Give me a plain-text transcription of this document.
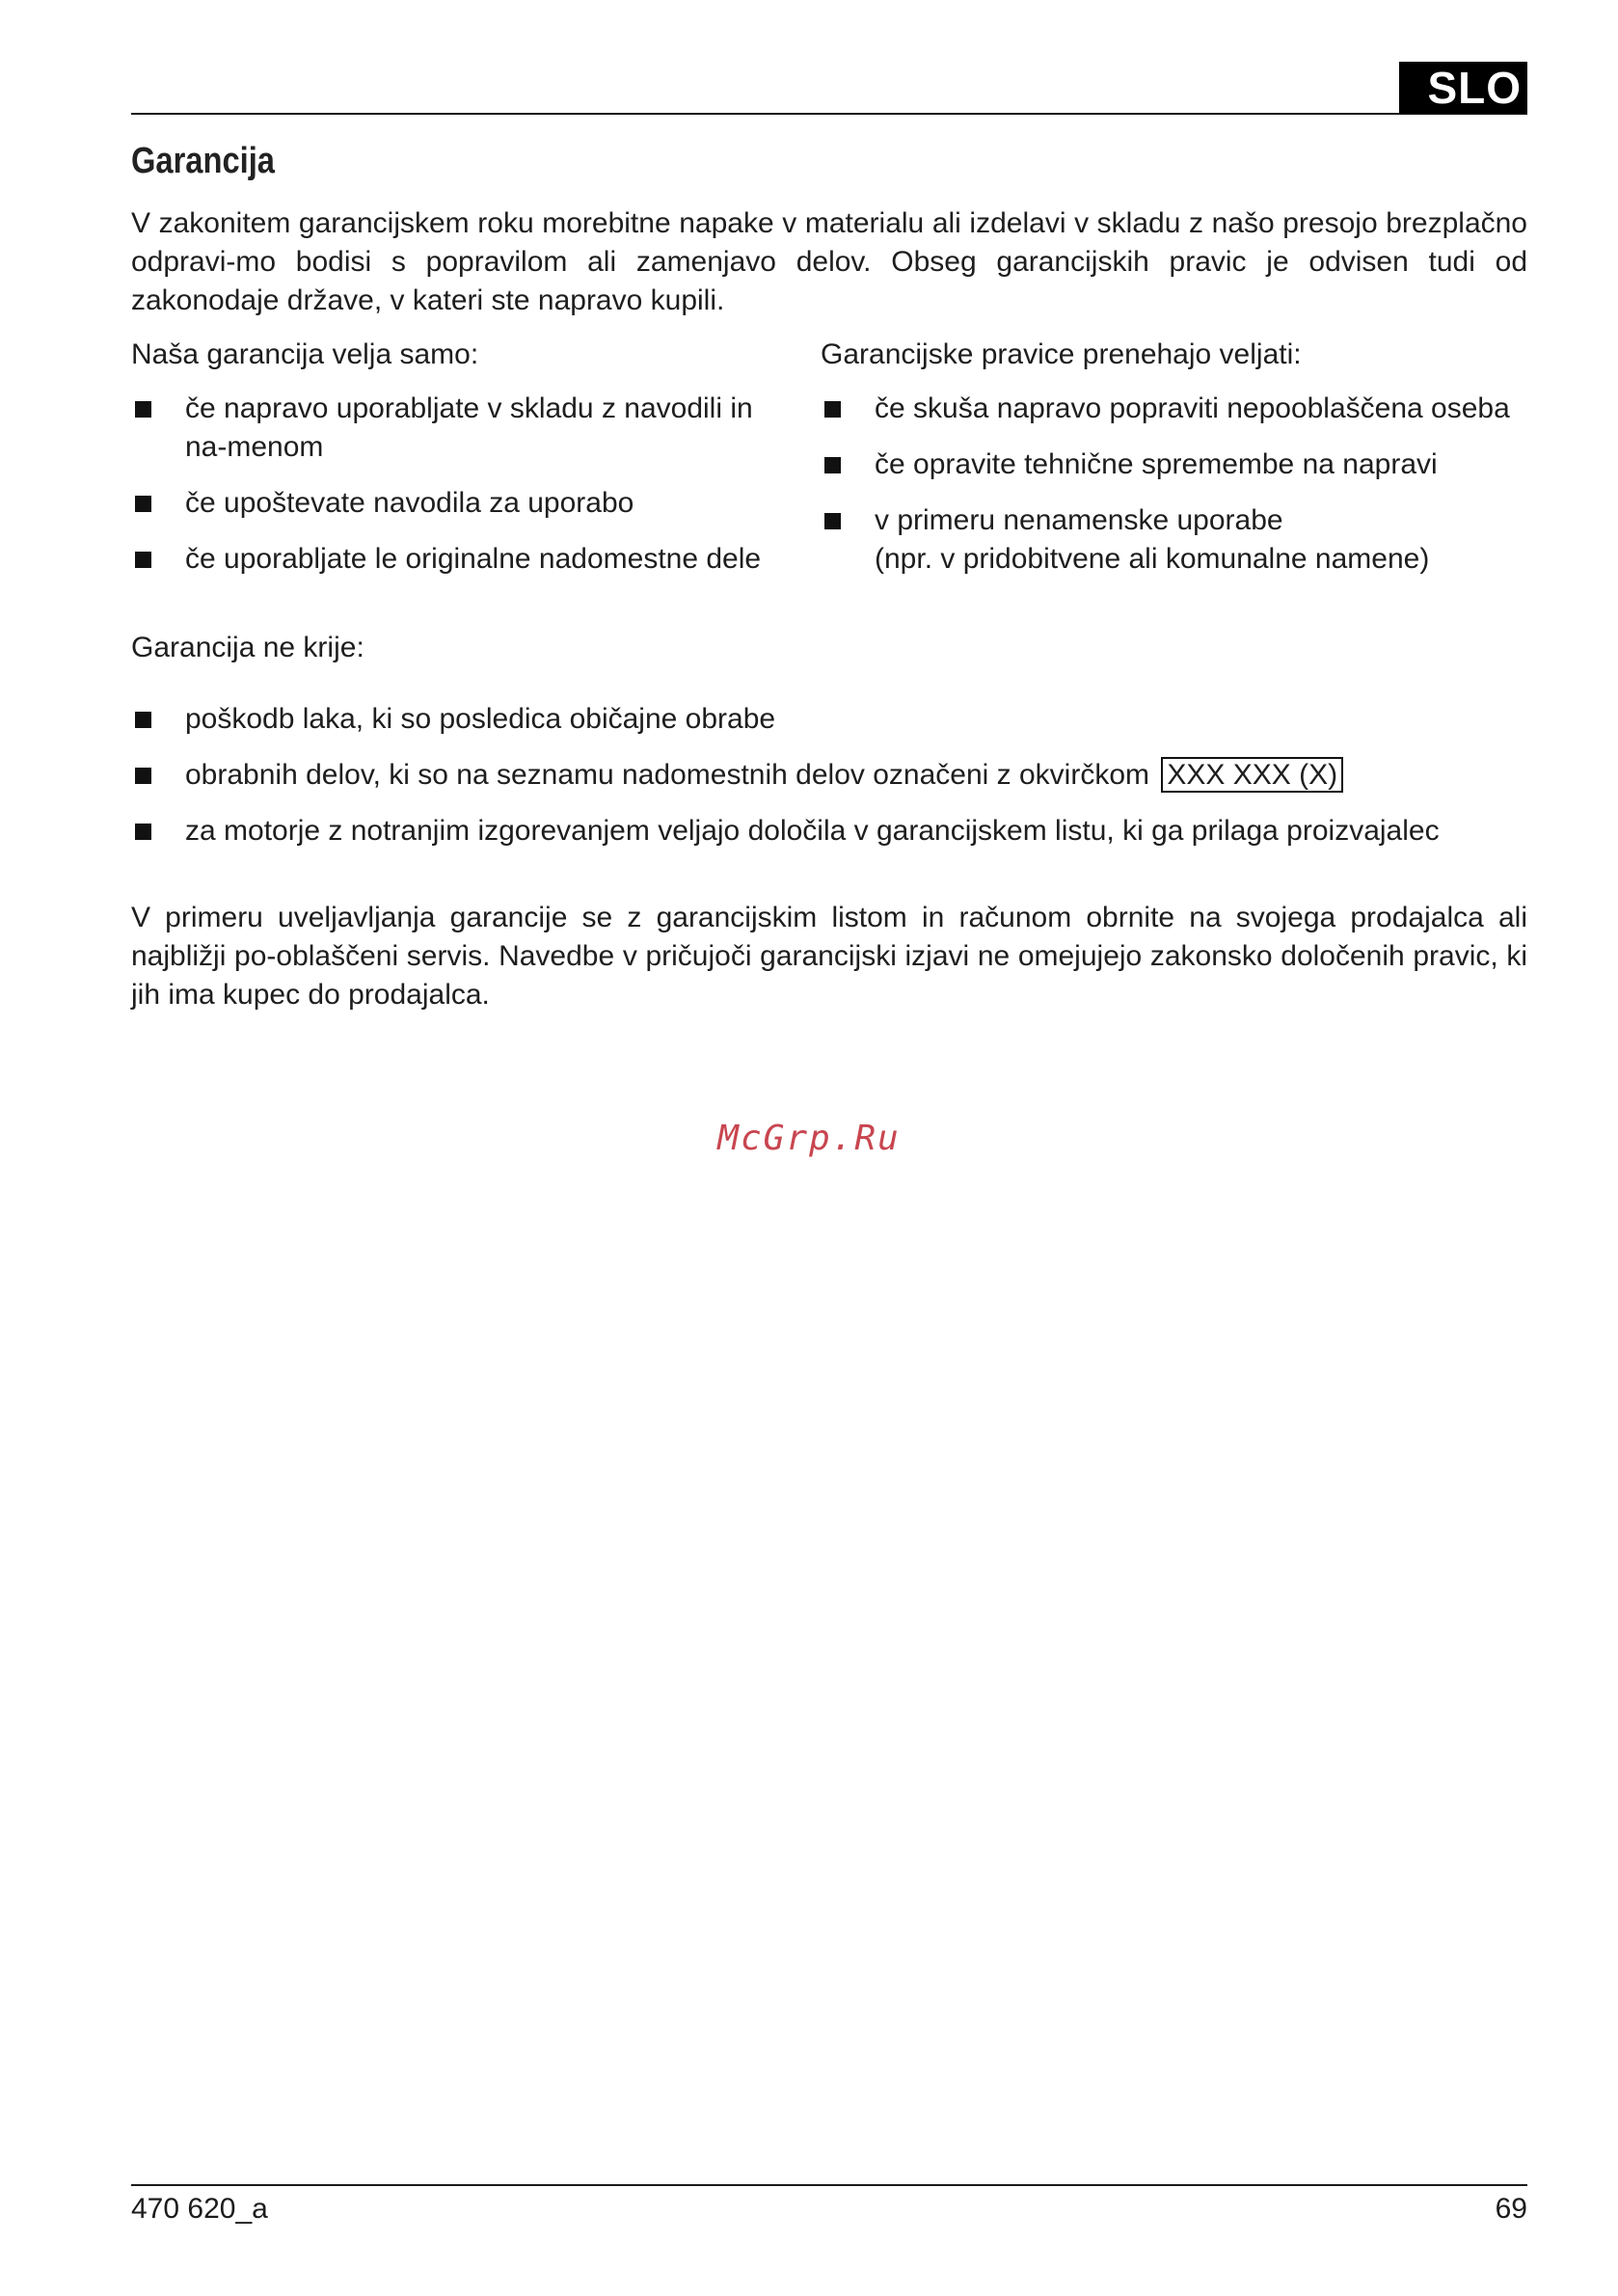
SLO
Garancija

V zakonitem garancijskem roku morebitne napake v materialu ali izdelavi v skladu z našo presojo brezplačno odpravi-mo bodisi s popravilom ali zamenjavo delov. Obseg garancijskih pravic je odvisen tudi od zakonodaje države, v kateri ste napravo kupili.

Naša garancija velja samo:

če napravo uporabljate v skladu z navodili in na-menom
če upoštevate navodila za uporabo
če uporabljate le originalne nadomestne dele

Garancijske pravice prenehajo veljati:

če skuša napravo popraviti nepooblaščena oseba
če opravite tehnične spremembe na napravi
v primeru nenamenske uporabe
(npr. v pridobitvene ali komunalne namene)

Garancija ne krije:

poškodb laka, ki so posledica običajne obrabe
obrabnih delov, ki so na seznamu nadomestnih delov označeni z okvirčkom XXX XXX (X)
za motorje z notranjim izgorevanjem veljajo določila v garancijskem listu, ki ga prilaga proizvajalec

V primeru uveljavljanja garancije se z garancijskim listom in računom obrnite na svojega prodajalca ali najbližji po-oblaščeni servis. Navedbe v pričujoči garancijski izjavi ne omejujejo zakonsko določenih pravic, ki jih ima kupec do prodajalca.

McGrp.Ru

470 620_a	69
